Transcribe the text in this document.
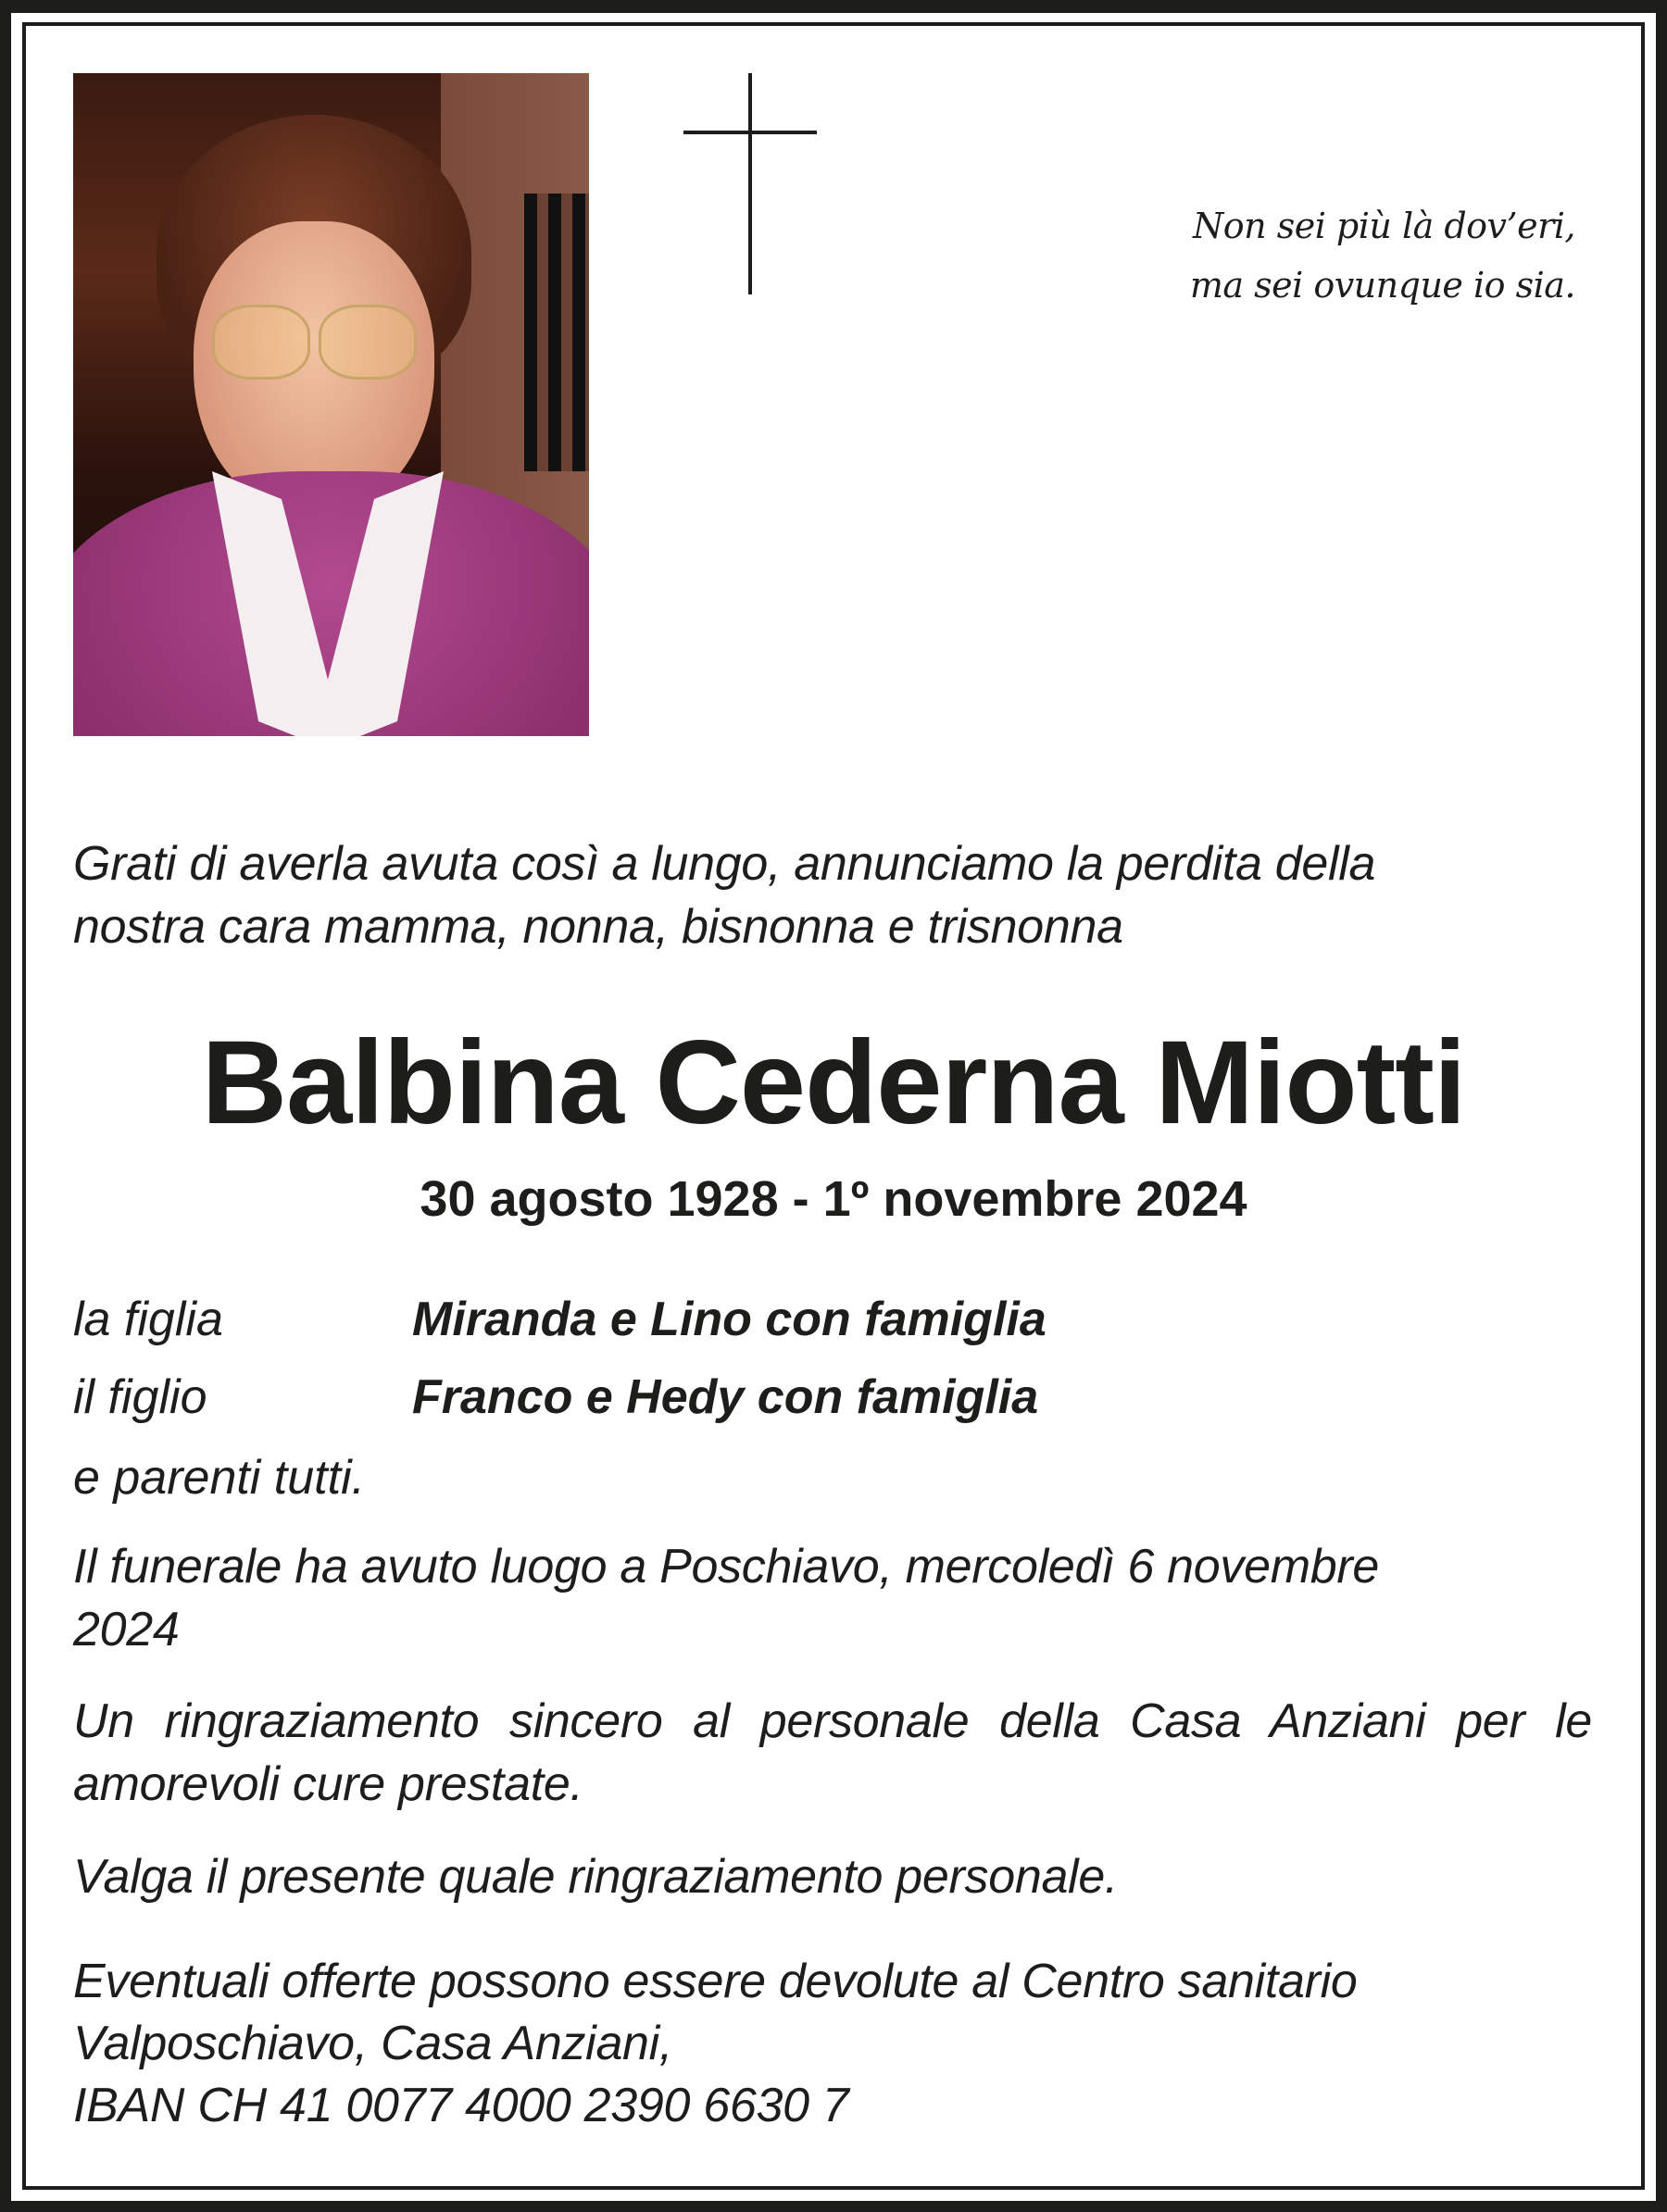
Non sei più là dov’eri,
ma sei ovunque io sia.
Grati di averla avuta così a lungo, annunciamo la perdita della
nostra cara mamma, nonna, bisnonna e trisnonna
Balbina Cederna Miotti
30 agosto 1928 - 1º novembre 2024
la figlia	Miranda e Lino con famiglia
il figlio	Franco e Hedy con famiglia
e parenti tutti.
Il funerale ha avuto luogo a Poschiavo, mercoledì 6 novembre
2024
Un ringraziamento sincero al personale della Casa Anziani per le amorevoli cure prestate.
Valga il presente quale ringraziamento personale.
Eventuali offerte possono essere devolute al Centro sanitario
Valposchiavo, Casa Anziani,
IBAN CH 41 0077 4000 2390 6630 7
